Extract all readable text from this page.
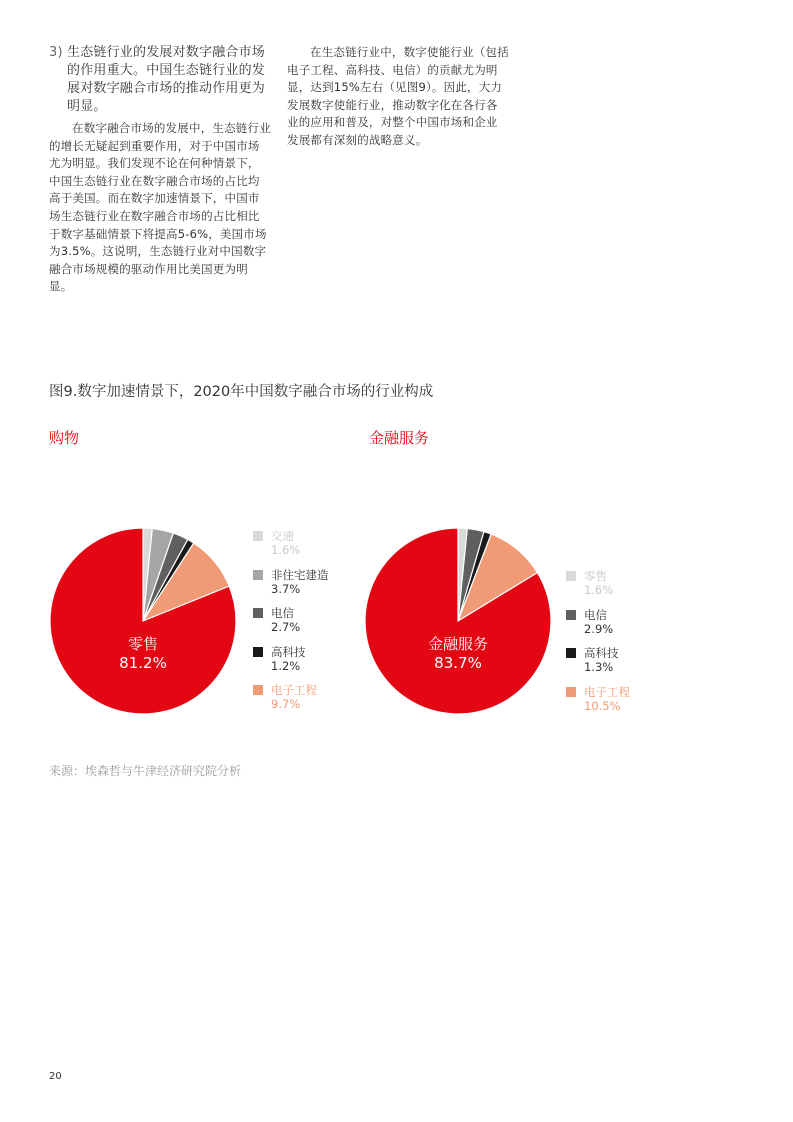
3) 生态链行业的发展对数字融合市场的作用重大。中国生态链行业的发展对数字融合市场的推动作用更为明显。

在数字融合市场的发展中，生态链行业的增长无疑起到重要作用，对于中国市场尤为明显。我们发现不论在何种情景下，中国生态链行业在数字融合市场的占比均高于美国。而在数字加速情景下，中国市场生态链行业在数字融合市场的占比相比于数字基础情景下将提高5-6%，美国市场为3.5%。这说明，生态链行业对中国数字融合市场规模的驱动作用比美国更为明显。

在生态链行业中，数字使能行业（包括电子工程、高科技、电信）的贡献尤为明显，达到15%左右（见图9）。因此，大力发展数字使能行业，推动数字化在各行各业的应用和普及，对整个中国市场和企业发展都有深刻的战略意义。

图9.数字加速情景下，2020年中国数字融合市场的行业构成
购物	金融服务
零售
81.2%
金融服务
83.7%
交通
1.6%
非住宅建造
3.7%
电信
2.7%
高科技
1.2%
电子工程
9.7%
零售
1.6%
电信
2.9%
高科技
1.3%
电子工程
10.5%
来源：埃森哲与牛津经济研究院分析
20
